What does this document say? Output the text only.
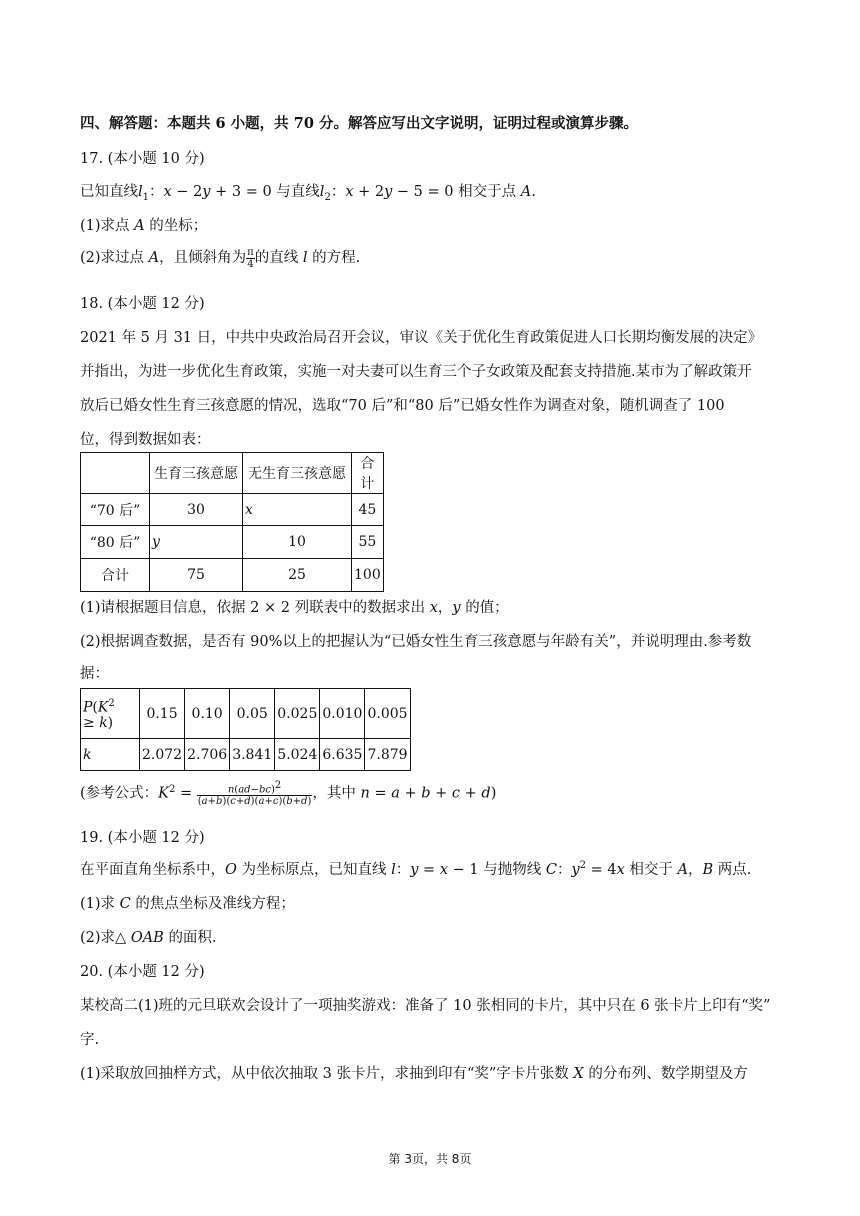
四、解答题：本题共 6 小题，共 70 分。解答应写出文字说明，证明过程或演算步骤。
17. (本小题 10 分)
已知直线$l_1$：x − 2y + 3 = 0 与直线$l_2$：x + 2y − 5 = 0 相交于点 A.
(1)求点 A 的坐标；
(2)求过点 A，且倾斜角为 $\frac{\pi}{4}$ 的直线 l 的方程.
18. (本小题 12 分)
2021 年 5 月 31 日，中共中央政治局召开会议，审议《关于优化生育政策促进人口长期均衡发展的决定》
并指出，为进一步优化生育政策，实施一对夫妻可以生育三个子女政策及配套支持措施.某市为了解政策开
放后已婚女性生育三孩意愿的情况，选取“70 后”和“80 后”已婚女性作为调查对象，随机调查了 100
位，得到数据如表：
	生育三孩意愿	无生育三孩意愿	合计
“70 后”	30	x	45
“80 后”	y	10	55
合计	75	25	100
(1)请根据题目信息，依据 2 × 2 列联表中的数据求出 x，y 的值；
(2)根据调查数据，是否有 90%以上的把握认为“已婚女性生育三孩意愿与年龄有关”，并说明理由.参考数
据：
$P(K^2$
≥ k)	0.15	0.10	0.05	0.025	0.010	0.005
k	2.072	2.706	3.841	5.024	6.635	7.879
(参考公式：$K^2 = \frac{n(ad-bc)^2}{(a+b)(c+d)(a+c)(b+d)}$ ，其中 n = a + b + c + d)
19. (本小题 12 分)
在平面直角坐标系中，O 为坐标原点，已知直线 l：y = x − 1 与抛物线 C：$y^2 = 4x$ 相交于 A，B 两点.
(1)求 C 的焦点坐标及准线方程；
(2)求△ OAB 的面积.
20. (本小题 12 分)
某校高二(1)班的元旦联欢会设计了一项抽奖游戏：准备了 10 张相同的卡片，其中只在 6 张卡片上印有“奖”
字.
(1)采取放回抽样方式，从中依次抽取 3 张卡片，求抽到印有“奖”字卡片张数 X 的分布列、数学期望及方
第 3页，共 8页
